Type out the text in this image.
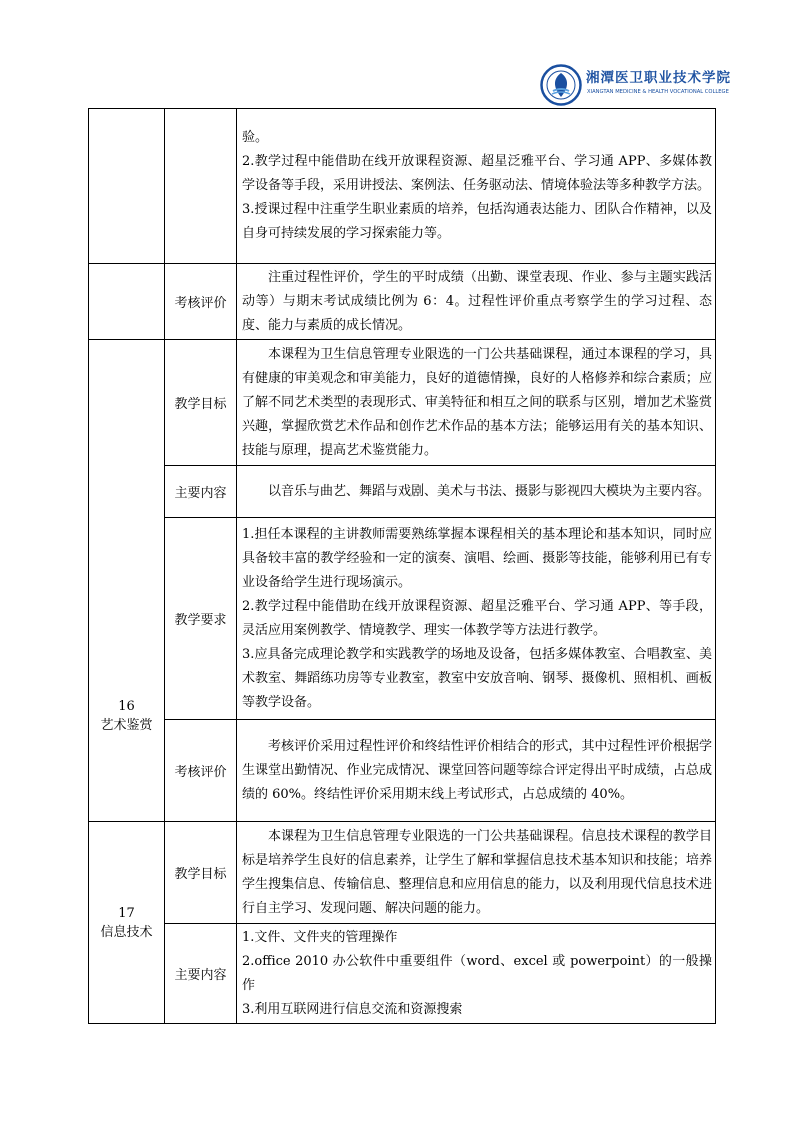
湘潭医卫职业技术学院
XIANGTAN MEDICINE & HEALTH VOCATIONAL COLLEGE

		验。

2.教学过程中能借助在线开放课程资源、超星泛雅平台、学习通 APP、多媒体教学设备等手段，采用讲授法、案例法、任务驱动法、情境体验法等多种教学方法。

3.授课过程中注重学生职业素质的培养，包括沟通表达能力、团队合作精神，以及自身可持续发展的学习探索能力等。

	考核评价	注重过程性评价，学生的平时成绩（出勤、课堂表现、作业、参与主题实践活动等）与期末考试成绩比例为 6：4。过程性评价重点考察学生的学习过程、态度、能力与素质的成长情况。

16
艺术鉴赏	教学目标	本课程为卫生信息管理专业限选的一门公共基础课程，通过本课程的学习，具有健康的审美观念和审美能力，良好的道德情操，良好的人格修养和综合素质；应了解不同艺术类型的表现形式、审美特征和相互之间的联系与区别，增加艺术鉴赏兴趣，掌握欣赏艺术作品和创作艺术作品的基本方法；能够运用有关的基本知识、技能与原理，提高艺术鉴赏能力。

	主要内容	以音乐与曲艺、舞蹈与戏剧、美术与书法、摄影与影视四大模块为主要内容。

	教学要求	1.担任本课程的主讲教师需要熟练掌握本课程相关的基本理论和基本知识，同时应具备较丰富的教学经验和一定的演奏、演唱、绘画、摄影等技能，能够利用已有专业设备给学生进行现场演示。

2.教学过程中能借助在线开放课程资源、超星泛雅平台、学习通 APP、等手段，灵活应用案例教学、情境教学、理实一体教学等方法进行教学。

3.应具备完成理论教学和实践教学的场地及设备，包括多媒体教室、合唱教室、美术教室、舞蹈练功房等专业教室，教室中安放音响、钢琴、摄像机、照相机、画板等教学设备。

	考核评价	考核评价采用过程性评价和终结性评价相结合的形式，其中过程性评价根据学生课堂出勤情况、作业完成情况、课堂回答问题等综合评定得出平时成绩，占总成绩的 60%。终结性评价采用期末线上考试形式，占总成绩的 40%。

17
信息技术	教学目标	本课程为卫生信息管理专业限选的一门公共基础课程。信息技术课程的教学目标是培养学生良好的信息素养，让学生了解和掌握信息技术基本知识和技能；培养学生搜集信息、传输信息、整理信息和应用信息的能力，以及利用现代信息技术进行自主学习、发现问题、解决问题的能力。

	主要内容	1.文件、文件夹的管理操作

2.office 2010 办公软件中重要组件（word、excel 或 powerpoint）的一般操作

3.利用互联网进行信息交流和资源搜索
